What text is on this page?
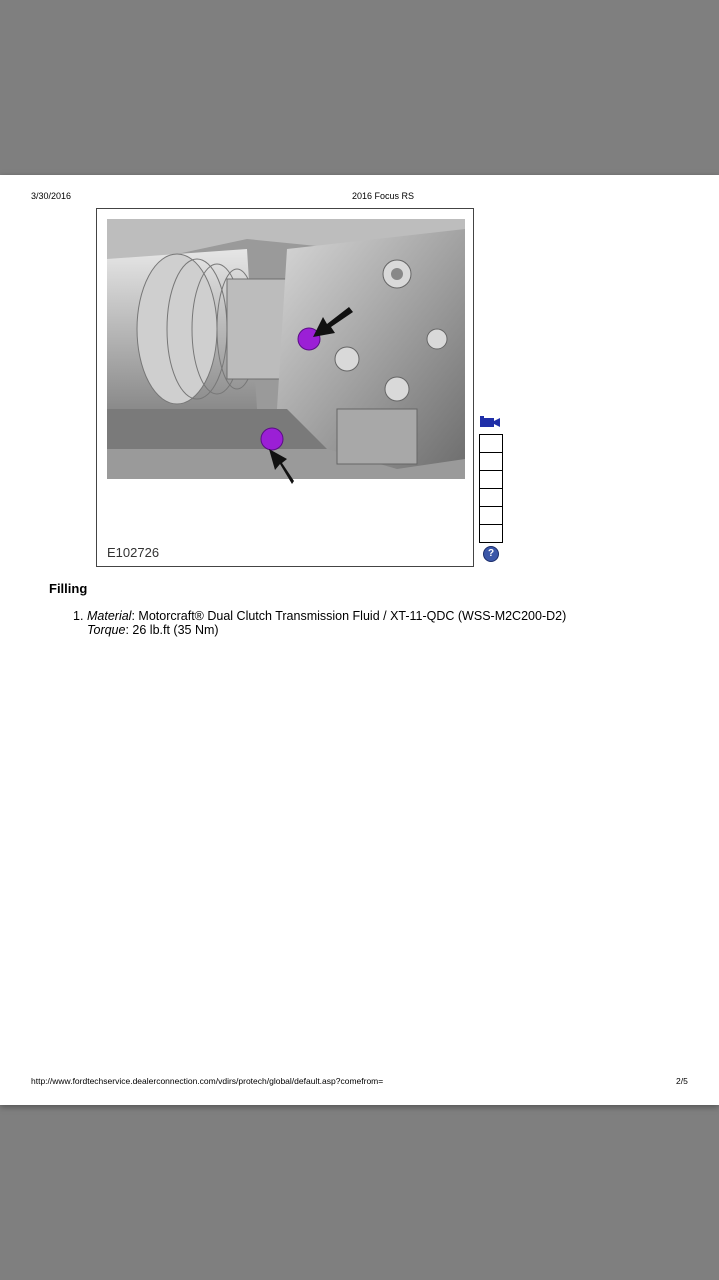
3/30/2016	2016 Focus RS
E102726	?
Filling
1. Material: Motorcraft® Dual Clutch Transmission Fluid / XT-11-QDC (WSS-M2C200-D2)
Torque: 26 lb.ft (35 Nm)
http://www.fordtechservice.dealerconnection.com/vdirs/protech/global/default.asp?comefrom=	2/5
